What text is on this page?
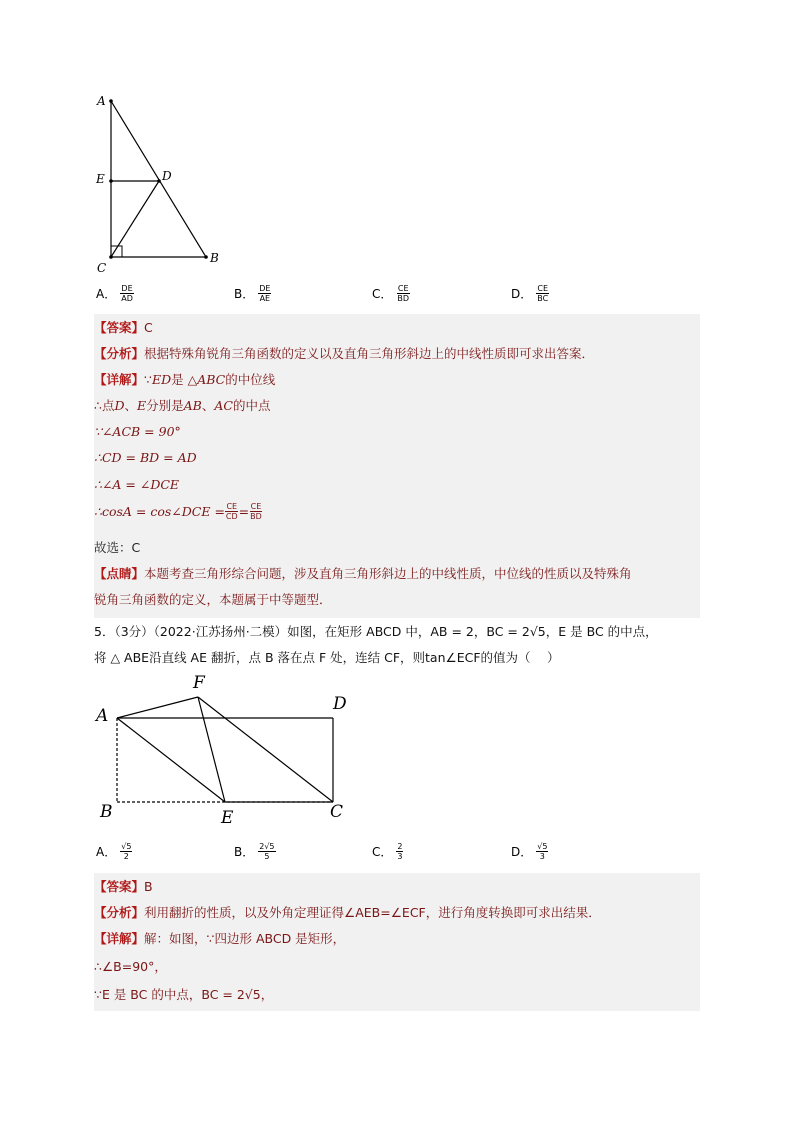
A
E	D
C
B
A． $\frac{DE}{AD}$	B． $\frac{DE}{AE}$	C． $\frac{CE}{BD}$	D． $\frac{CE}{BC}$
【答案】C
【分析】根据特殊角锐角三角函数的定义以及直角三角形斜边上的中线性质即可求出答案．
【详解】∵ED是 △ABC的中位线
∴点D、E分别是AB、AC的中点
∵∠ACB = 90°
∴CD = BD = AD
∴∠A = ∠DCE
∴cosA = cos∠DCE = $\frac{CE}{CD} = \frac{CE}{BD}$
故选：C
【点睛】本题考查三角形综合问题，涉及直角三角形斜边上的中线性质，中位线的性质以及特殊角
锐角三角函数的定义，本题属于中等题型．
5．（3分）（2022·江苏扬州·二模）如图，在矩形 ABCD 中，AB = 2，BC = 2√5，E 是 BC 的中点，
将 △ ABE沿直线 AE 翻折，点 B 落在点 F 处，连结 CF，则tan∠ECF的值为（　 ）
F
A
D
B	E	C
A． $\frac{√5}{2}$	B． $\frac{2√5}{5}$	C． $\frac{2}{3}$	D． $\frac{√5}{3}$
【答案】B
【分析】利用翻折的性质，以及外角定理证得∠AEB=∠ECF，进行角度转换即可求出结果．
【详解】解：如图，∵四边形 ABCD 是矩形，
∴∠B=90°，
∵E 是 BC 的中点，BC = 2√5，
